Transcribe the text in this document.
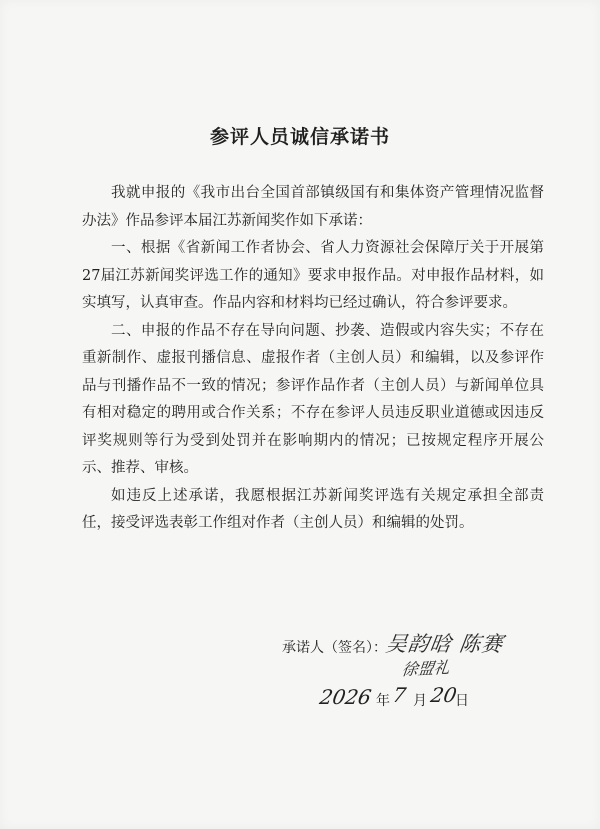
参评人员诚信承诺书

我就申报的《我市出台全国首部镇级国有和集体资产管理情况监督办法》作品参评本届江苏新闻奖作如下承诺：

一、根据《省新闻工作者协会、省人力资源社会保障厅关于开展第27届江苏新闻奖评选工作的通知》要求申报作品。对申报作品材料，如实填写，认真审查。作品内容和材料均已经过确认，符合参评要求。

二、申报的作品不存在导向问题、抄袭、造假或内容失实；不存在重新制作、虚报刊播信息、虚报作者（主创人员）和编辑，以及参评作品与刊播作品不一致的情况；参评作品作者（主创人员）与新闻单位具有相对稳定的聘用或合作关系；不存在参评人员违反职业道德或因违反评奖规则等行为受到处罚并在影响期内的情况；已按规定程序开展公示、推荐、审核。

如违反上述承诺，我愿根据江苏新闻奖评选有关规定承担全部责任，接受评选表彰工作组对作者（主创人员）和编辑的处罚。

承诺人（签名）：
吴韵晗 陈赛
徐盟礼
2026 年 7 月 20
日
